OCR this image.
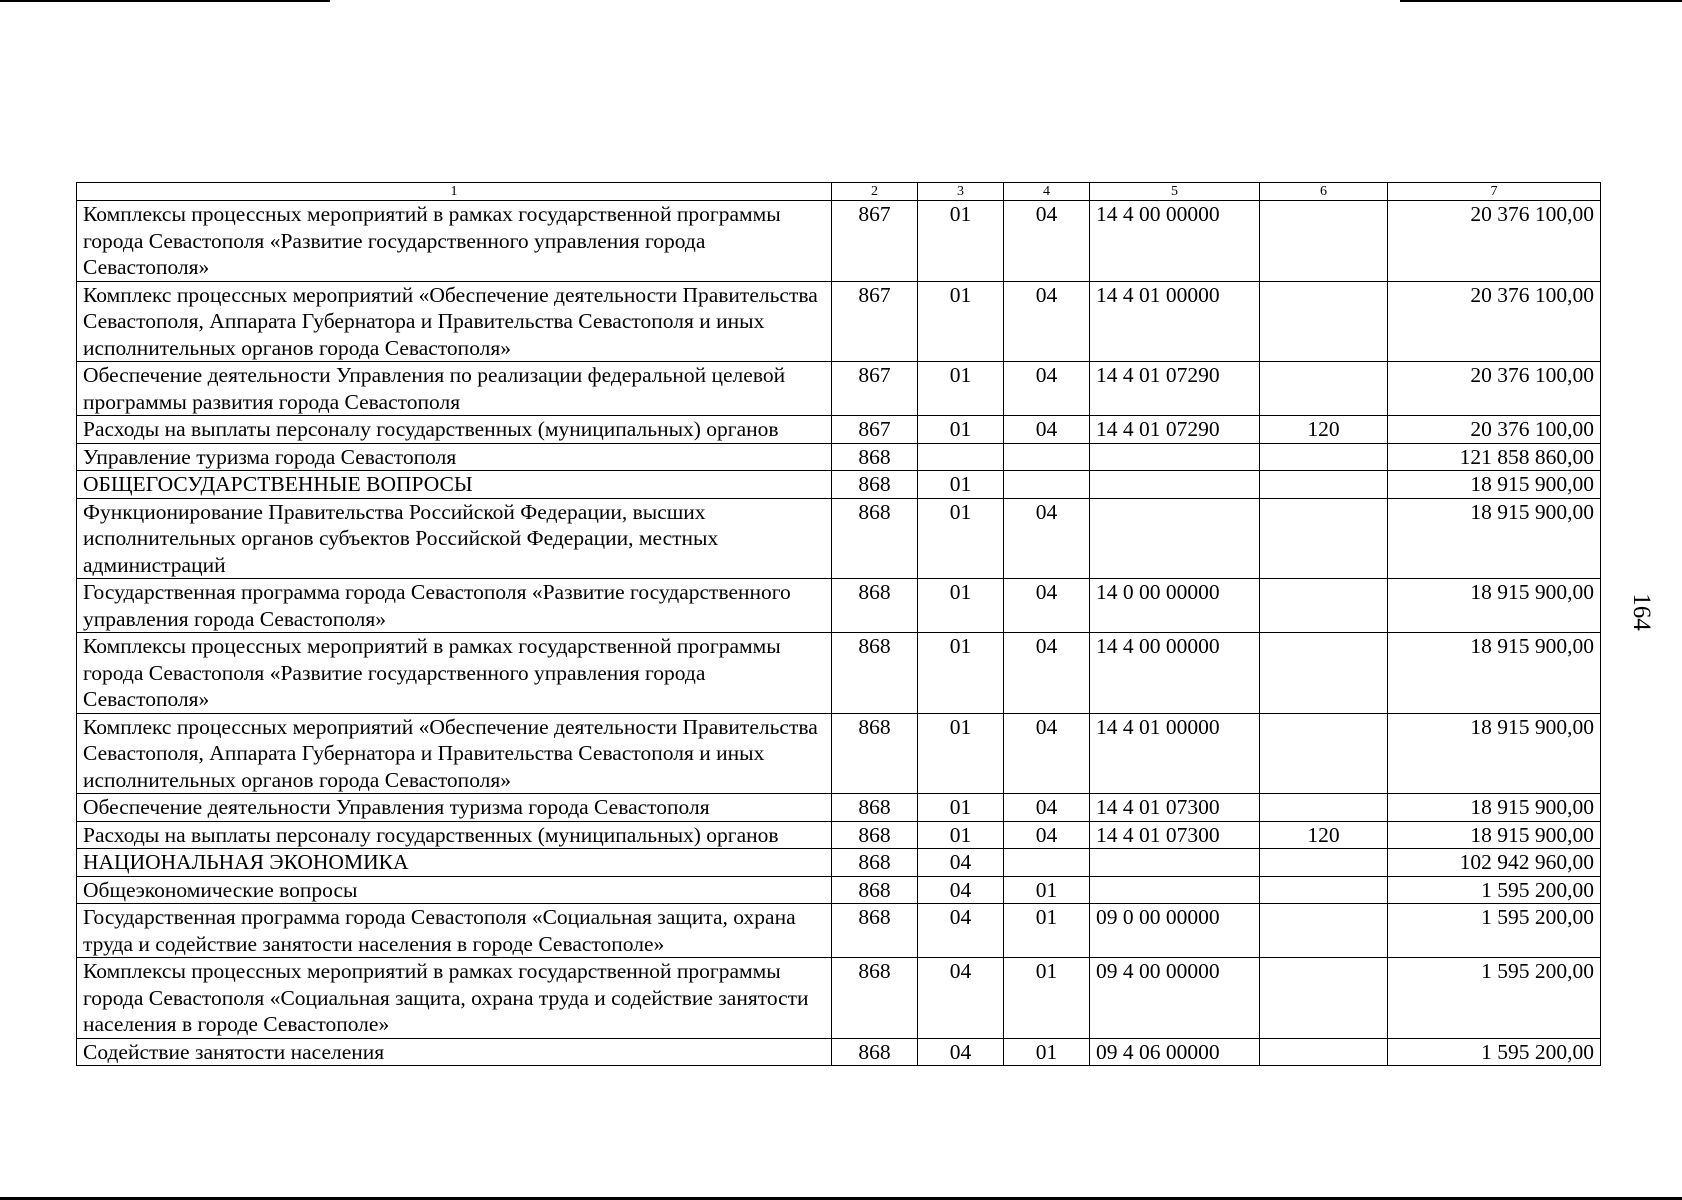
164
1	2	3	4	5	6	7
Комплексы процессных мероприятий в рамках государственной программы города Севастополя «Развитие государственного управления города Севастополя»	867	01	04	14 4 00 00000		20 376 100,00
Комплекс процессных мероприятий «Обеспечение деятельности Правительства Севастополя, Аппарата Губернатора и Правительства Севастополя и иных исполнительных органов города Севастополя»	867	01	04	14 4 01 00000		20 376 100,00
Обеспечение деятельности Управления по реализации федеральной целевой программы развития города Севастополя	867	01	04	14 4 01 07290		20 376 100,00
Расходы на выплаты персоналу государственных (муниципальных) органов	867	01	04	14 4 01 07290	120	20 376 100,00
Управление туризма города Севастополя	868					121 858 860,00
ОБЩЕГОСУДАРСТВЕННЫЕ ВОПРОСЫ	868	01				18 915 900,00
Функционирование Правительства Российской Федерации, высших исполнительных органов субъектов Российской Федерации, местных администраций	868	01	04			18 915 900,00
Государственная программа города Севастополя «Развитие государственного управления города Севастополя»	868	01	04	14 0 00 00000		18 915 900,00
Комплексы процессных мероприятий в рамках государственной программы города Севастополя «Развитие государственного управления города Севастополя»	868	01	04	14 4 00 00000		18 915 900,00
Комплекс процессных мероприятий «Обеспечение деятельности Правительства Севастополя, Аппарата Губернатора и Правительства Севастополя и иных исполнительных органов города Севастополя»	868	01	04	14 4 01 00000		18 915 900,00
Обеспечение деятельности Управления туризма города Севастополя	868	01	04	14 4 01 07300		18 915 900,00
Расходы на выплаты персоналу государственных (муниципальных) органов	868	01	04	14 4 01 07300	120	18 915 900,00
НАЦИОНАЛЬНАЯ ЭКОНОМИКА	868	04				102 942 960,00
Общеэкономические вопросы	868	04	01			1 595 200,00
Государственная программа города Севастополя «Социальная защита, охрана труда и содействие занятости населения в городе Севастополе»	868	04	01	09 0 00 00000		1 595 200,00
Комплексы процессных мероприятий в рамках государственной программы города Севастополя «Социальная защита, охрана труда и содействие занятости населения в городе Севастополе»	868	04	01	09 4 00 00000		1 595 200,00
Содействие занятости населения	868	04	01	09 4 06 00000		1 595 200,00
